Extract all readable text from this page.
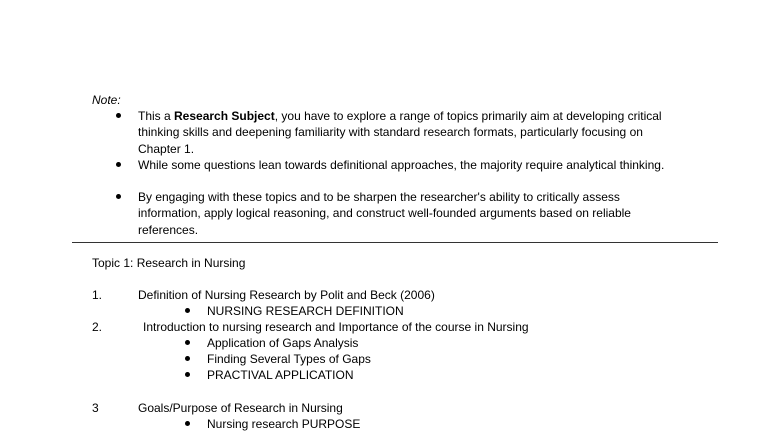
Note:
This a Research Subject, you have to explore a range of topics primarily aim at developing critical thinking skills and deepening familiarity with standard research formats, particularly focusing on Chapter 1.
While some questions lean towards definitional approaches, the majority require analytical thinking.
By engaging with these topics and to be sharpen the researcher's ability to critically assess information, apply logical reasoning, and construct well-founded arguments based on reliable references.
Topic 1: Research in Nursing
1.	Definition of Nursing Research by Polit and Beck (2006)
NURSING RESEARCH DEFINITION
2.	Introduction to nursing research and Importance of the course in Nursing
Application of Gaps Analysis
Finding Several Types of Gaps
PRACTIVAL APPLICATION
3	Goals/Purpose of Research in Nursing
Nursing research PURPOSE
